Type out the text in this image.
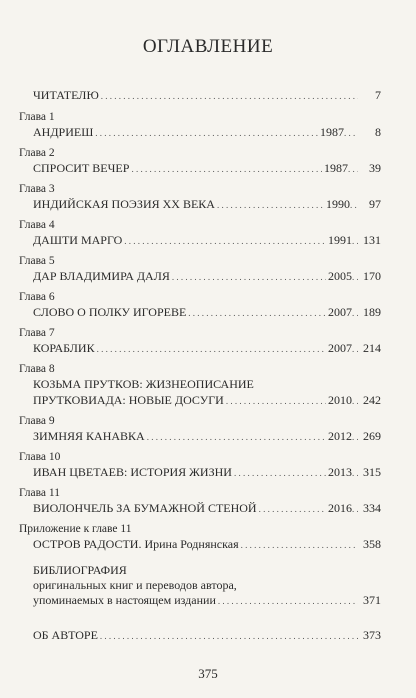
ОГЛАВЛЕНИЕ
ЧИТАТЕЛЮ . . .	7
Глава 1
АНДРИЕШ . . .	1987 . . .	8
Глава 2
СПРОСИТ ВЕЧЕР . . .	1987 . . .	39
Глава 3
ИНДИЙСКАЯ ПОЭЗИЯ XX ВЕКА . . .	1990 . . .	97
Глава 4
ДАШТИ МАРГО . . .	1991 . . . 131
Глава 5
ДАР ВЛАДИМИРА ДАЛЯ . . .	2005 . . . 170
Глава 6
СЛОВО О ПОЛКУ ИГОРЕВЕ . . .	2007 . . . 189
Глава 7
КОРАБЛИК . . .	2007 . . . 214
Глава 8
КОЗЬМА ПРУТКОВ: ЖИЗНЕОПИСАНИЕ
ПРУТКОВИАДА: НОВЫЕ ДОСУГИ . . .	2010 . . . 242
Глава 9
ЗИМНЯЯ КАНАВКА . . .	2012 . . . 269
Глава 10
ИВАН ЦВЕТАЕВ: ИСТОРИЯ ЖИЗНИ . . .	2013 . . . 315
Глава 11
ВИОЛОНЧЕЛЬ ЗА БУМАЖНОЙ СТЕНОЙ . . .	2016 . . . 334
Приложение к главе 11
ОСТРОВ РАДОСТИ. Ирина Роднянская . . .	358
БИБЛИОГРАФИЯ
оригинальных книг и переводов автора,
упоминаемых в настоящем издании . . .	371
ОБ АВТОРЕ . . .	373
375
